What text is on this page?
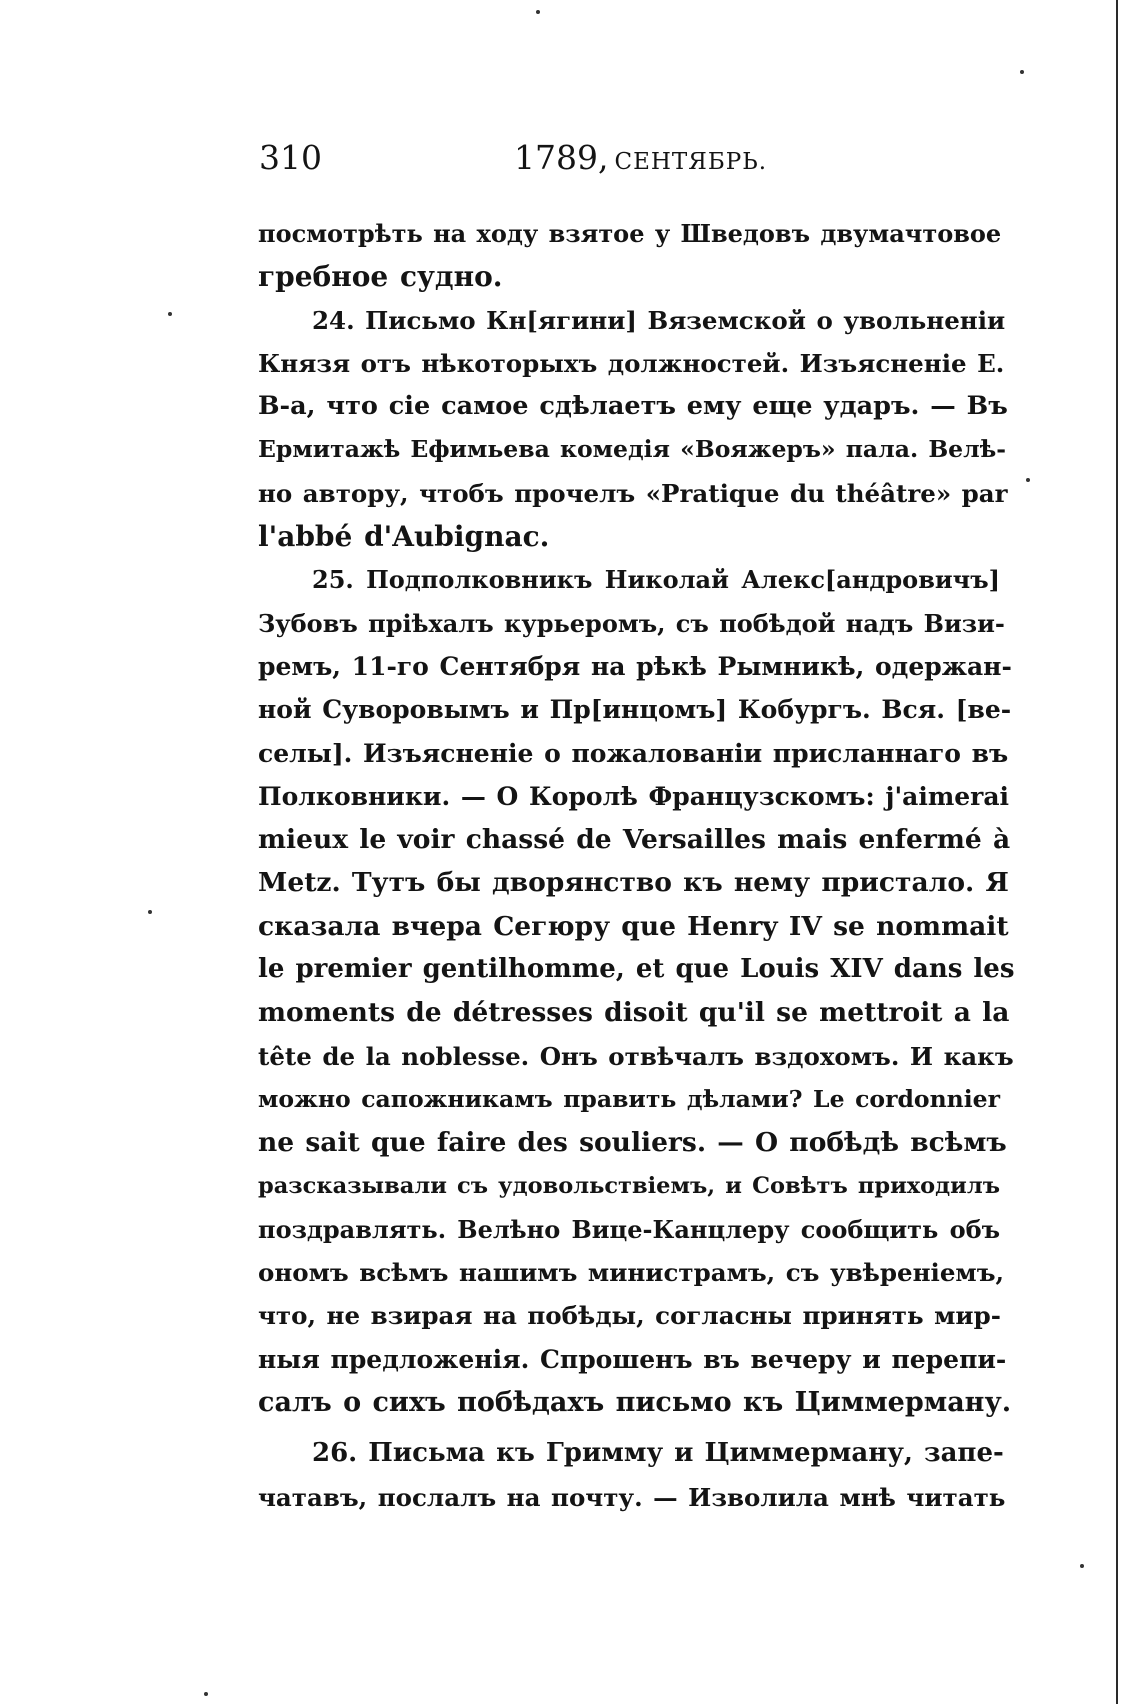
310	1789, СЕНТЯБРЬ.
посмотрѣть на ходу взятое у Шведовъ двумачтовое
гребное судно.
24. Письмо Кн[ягини] Вяземской о увольненіи
Князя отъ нѣкоторыхъ должностей. Изъясненіе Е.
В-а, что сіе самое сдѣлаетъ ему еще ударъ. — Въ
Ермитажѣ Ефимьева комедія «Вояжеръ» пала. Велѣ-
но автору, чтобъ прочелъ «Pratique du théâtre» par
l'abbé d'Aubignac.
25. Подполковникъ Николай Алекс[андровичъ]
Зубовъ пріѣхалъ курьеромъ, съ побѣдой надъ Визи-
ремъ, 11-го Сентября на рѣкѣ Рымникѣ, одержан-
ной Суворовымъ и Пр[инцомъ] Кобургъ. Вся. [ве-
селы]. Изъясненіе о пожалованіи присланнаго въ
Полковники. — О Королѣ Французскомъ: j'aimerai
mieux le voir chassé de Versailles mais enfermé à
Metz. Тутъ бы дворянство къ нему пристало. Я
сказала вчера Сегюру que Henry IV se nommait
le premier gentilhomme, et que Louis XIV dans les
moments de détresses disoit qu'il se mettroit a la
tête de la noblesse. Онъ отвѣчалъ вздохомъ. И какъ
можно сапожникамъ править дѣлами? Le cordonnier
ne sait que faire des souliers. — О побѣдѣ всѣмъ
разсказывали съ удовольствіемъ, и Совѣтъ приходилъ
поздравлять. Велѣно Вице-Канцлеру сообщить объ
ономъ всѣмъ нашимъ министрамъ, съ увѣреніемъ,
что, не взирая на побѣды, согласны принять мир-
ныя предложенія. Спрошенъ въ вечеру и перепи-
салъ о сихъ побѣдахъ письмо къ Циммерману.
26. Письма къ Гримму и Циммерману, запе-
чатавъ, послалъ на почту. — Изволила мнѣ читать
